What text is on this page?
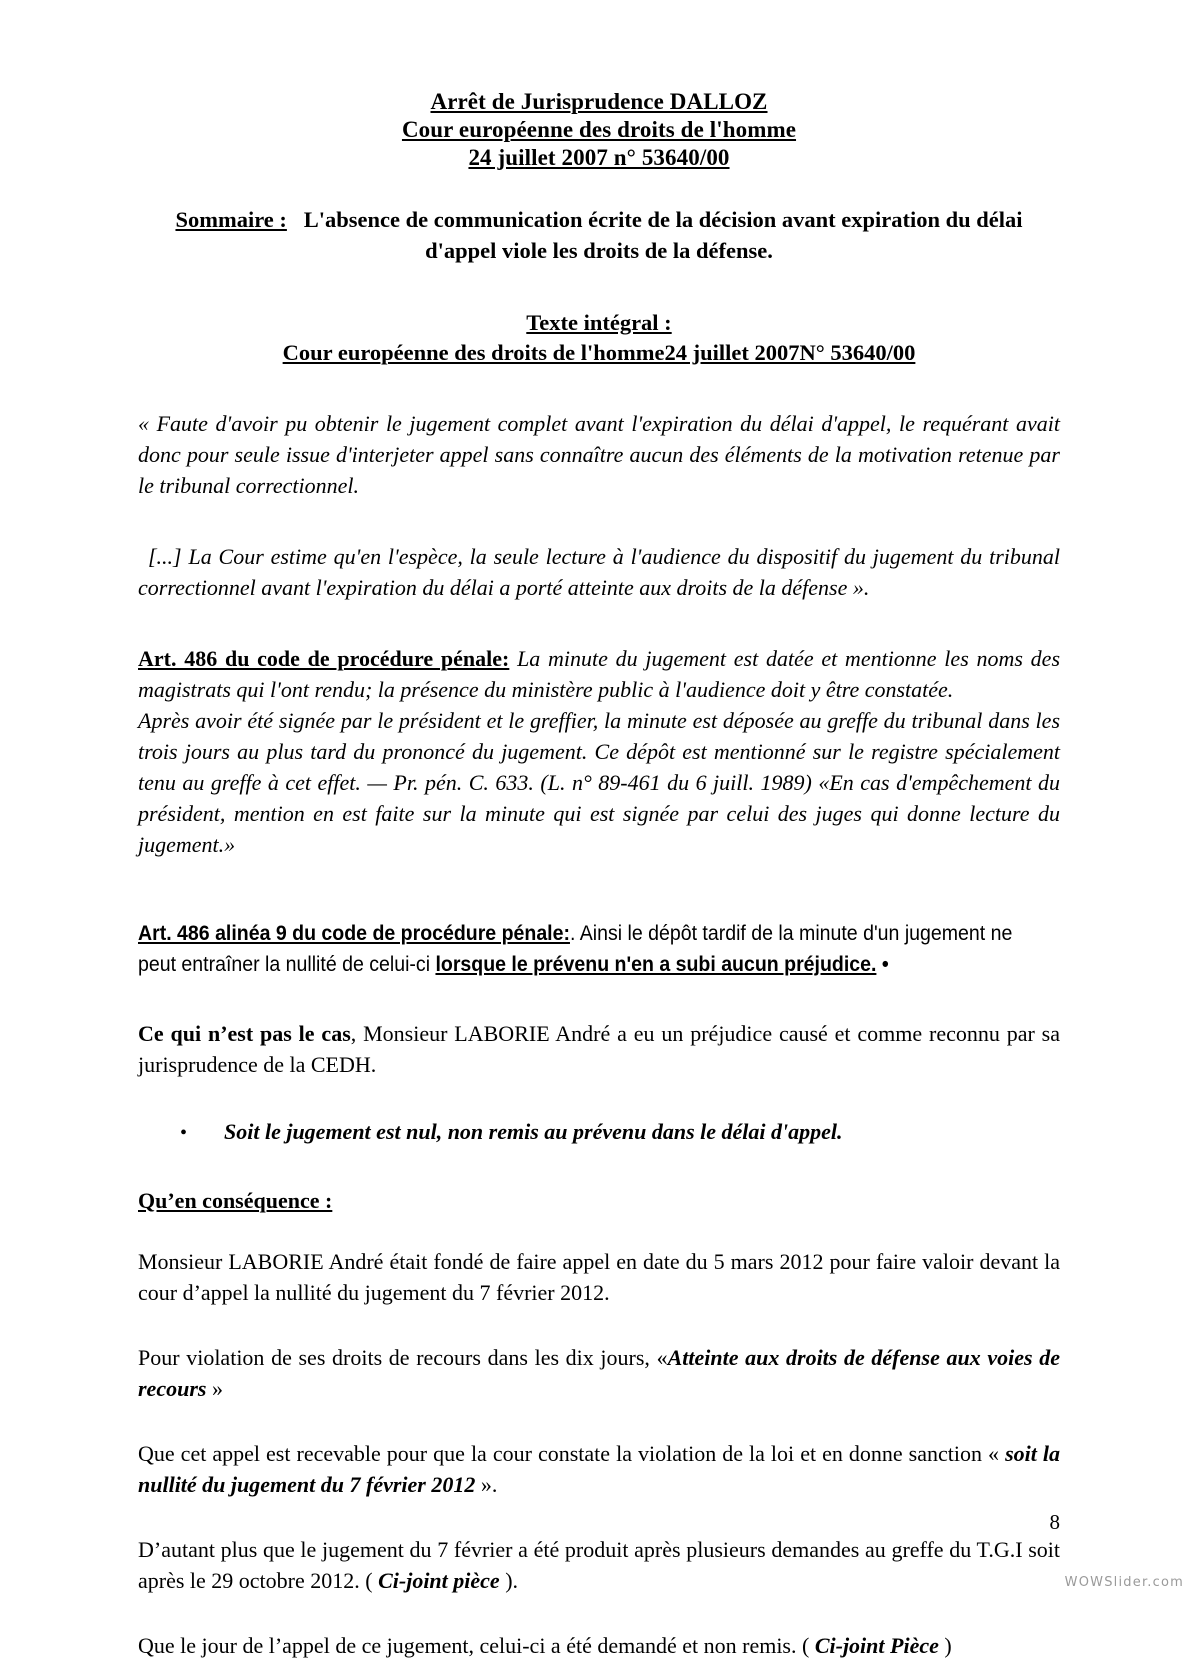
Arrêt de Jurisprudence DALLOZ
Cour européenne des droits de l'homme
24 juillet 2007 n° 53640/00
Sommaire : L'absence de communication écrite de la décision avant expiration du délai d'appel viole les droits de la défense.
Texte intégral :
Cour européenne des droits de l'homme24 juillet 2007N° 53640/00

« Faute d'avoir pu obtenir le jugement complet avant l'expiration du délai d'appel, le requérant avait donc pour seule issue d'interjeter appel sans connaître aucun des éléments de la motivation retenue par le tribunal correctionnel.

[...] La Cour estime qu'en l'espèce, la seule lecture à l'audience du dispositif du jugement du tribunal correctionnel avant l'expiration du délai a porté atteinte aux droits de la défense ».

Art. 486 du code de procédure pénale: La minute du jugement est datée et mentionne les noms des magistrats qui l'ont rendu; la présence du ministère public à l'audience doit y être constatée.

Après avoir été signée par le président et le greffier, la minute est déposée au greffe du tribunal dans les trois jours au plus tard du prononcé du jugement. Ce dépôt est mentionné sur le registre spécialement tenu au greffe à cet effet. — Pr. pén. C. 633. (L. n° 89-461 du 6 juill. 1989) «En cas d'empêchement du président, mention en est faite sur la minute qui est signée par celui des juges qui donne lecture du jugement.»

Art. 486 alinéa 9 du code de procédure pénale:. Ainsi le dépôt tardif de la minute d'un jugement ne peut entraîner la nullité de celui-ci lorsque le prévenu n'en a subi aucun préjudice. •

Ce qui n’est pas le cas, Monsieur LABORIE André a eu un préjudice causé et comme reconnu par sa jurisprudence de la CEDH.

•	Soit le jugement est nul, non remis au prévenu dans le délai d'appel.
Qu’en conséquence :

Monsieur LABORIE André était fondé de faire appel en date du 5 mars 2012 pour faire valoir devant la cour d’appel la nullité du jugement du 7 février 2012.

Pour violation de ses droits de recours dans les dix jours, «Atteinte aux droits de défense aux voies de recours »

Que cet appel est recevable pour que la cour constate la violation de la loi et en donne sanction « soit la nullité du jugement du 7 février 2012 ».

D’autant plus que le jugement du 7 février a été produit après plusieurs demandes au greffe du T.G.I soit après le 29 octobre 2012. ( Ci-joint pièce ).

Que le jour de l’appel de ce jugement, celui-ci a été demandé et non remis. ( Ci-joint Pièce )

8
WOWSlider.com
